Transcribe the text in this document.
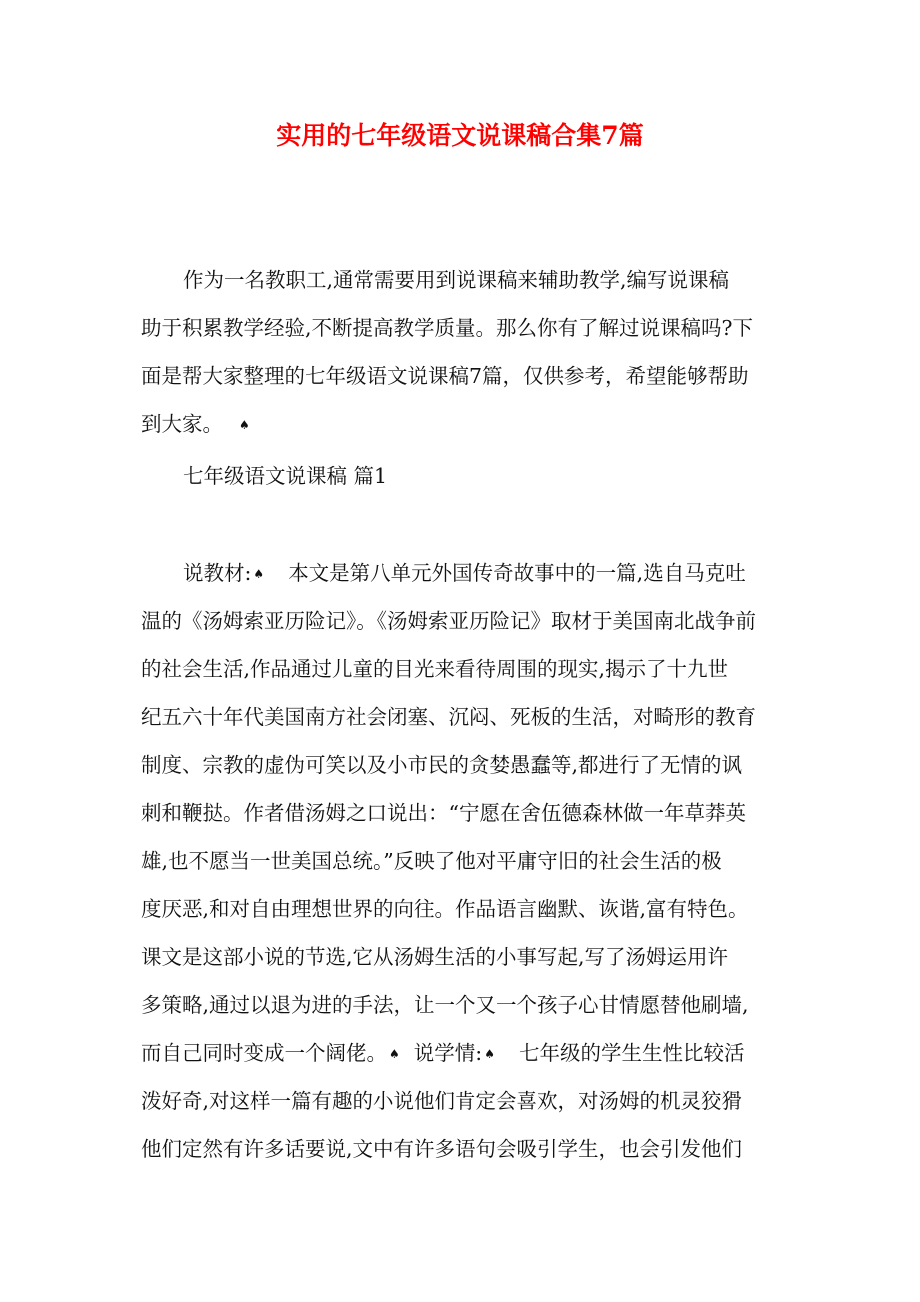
实用的七年级语文说课稿合集7篇

作为一名教职工,通常需要用到说课稿来辅助教学,编写说课稿

助于积累教学经验,不断提高教学质量。那么你有了解过说课稿吗?下

面是帮大家整理的七年级语文说课稿7篇，仅供参考，希望能够帮助

到大家。 ♠

七年级语文说课稿 篇1

说教材: ♠ 本文是第八单元外国传奇故事中的一篇,选自马克吐

温的《汤姆索亚历险记》。《汤姆索亚历险记》取材于美国南北战争前

的社会生活,作品通过儿童的目光来看待周围的现实,揭示了十九世

纪五六十年代美国南方社会闭塞、沉闷、死板的生活，对畸形的教育

制度、宗教的虚伪可笑以及小市民的贪婪愚蠢等,都进行了无情的讽

刺和鞭挞。作者借汤姆之口说出：“宁愿在舍伍德森林做一年草莽英

雄,也不愿当一世美国总统。”反映了他对平庸守旧的社会生活的极

度厌恶,和对自由理想世界的向往。作品语言幽默、诙谐,富有特色。

课文是这部小说的节选,它从汤姆生活的小事写起,写了汤姆运用许

多策略,通过以退为进的手法，让一个又一个孩子心甘情愿替他刷墙,

而自己同时变成一个阔佬。 ♠ 说学情: ♠ 七年级的学生生性比较活

泼好奇,对这样一篇有趣的小说他们肯定会喜欢，对汤姆的机灵狡猾

他们定然有许多话要说,文中有许多语句会吸引学生，也会引发他们
